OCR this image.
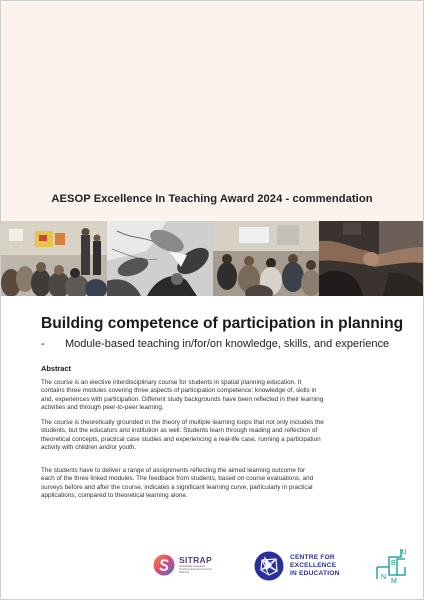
AESOP Excellence In Teaching Award 2024 - commendation
Building competence of participation in planning
- Module-based teaching in/for/on knowledge, skills, and experience
Abstract

The course is an elective interdisciplinary course for students in spatial planning education. It
contains three modules covering three aspects of participation competence: knowledge of, skills in
and, experiences with participation. Different study backgrounds have been reflected in their learning
activities and through peer-to-peer learning.

The course is theoretically grounded in the theory of multiple learning loops that not only includes the
students, but the educators and institution as well. Students learn through reading and reflection of
theoretical concepts, practical case studies and experiencing a real-life case, running a participation
activity with children and/or youth.

The students have to deliver a range of assignments reflecting the aimed learning outcome for
each of the three linked modules. The feedback from students, based on course evaluations, and
surveys before and after the course, indicates a significant learning curve, particularly in practical
applications, compared to theoretical learning alone.

SITRAP
Sustainable Integrated Transformation And Action in Planning
CENTRE FOR
EXCELLENCE
IN EDUCATION
U
B
N
M
